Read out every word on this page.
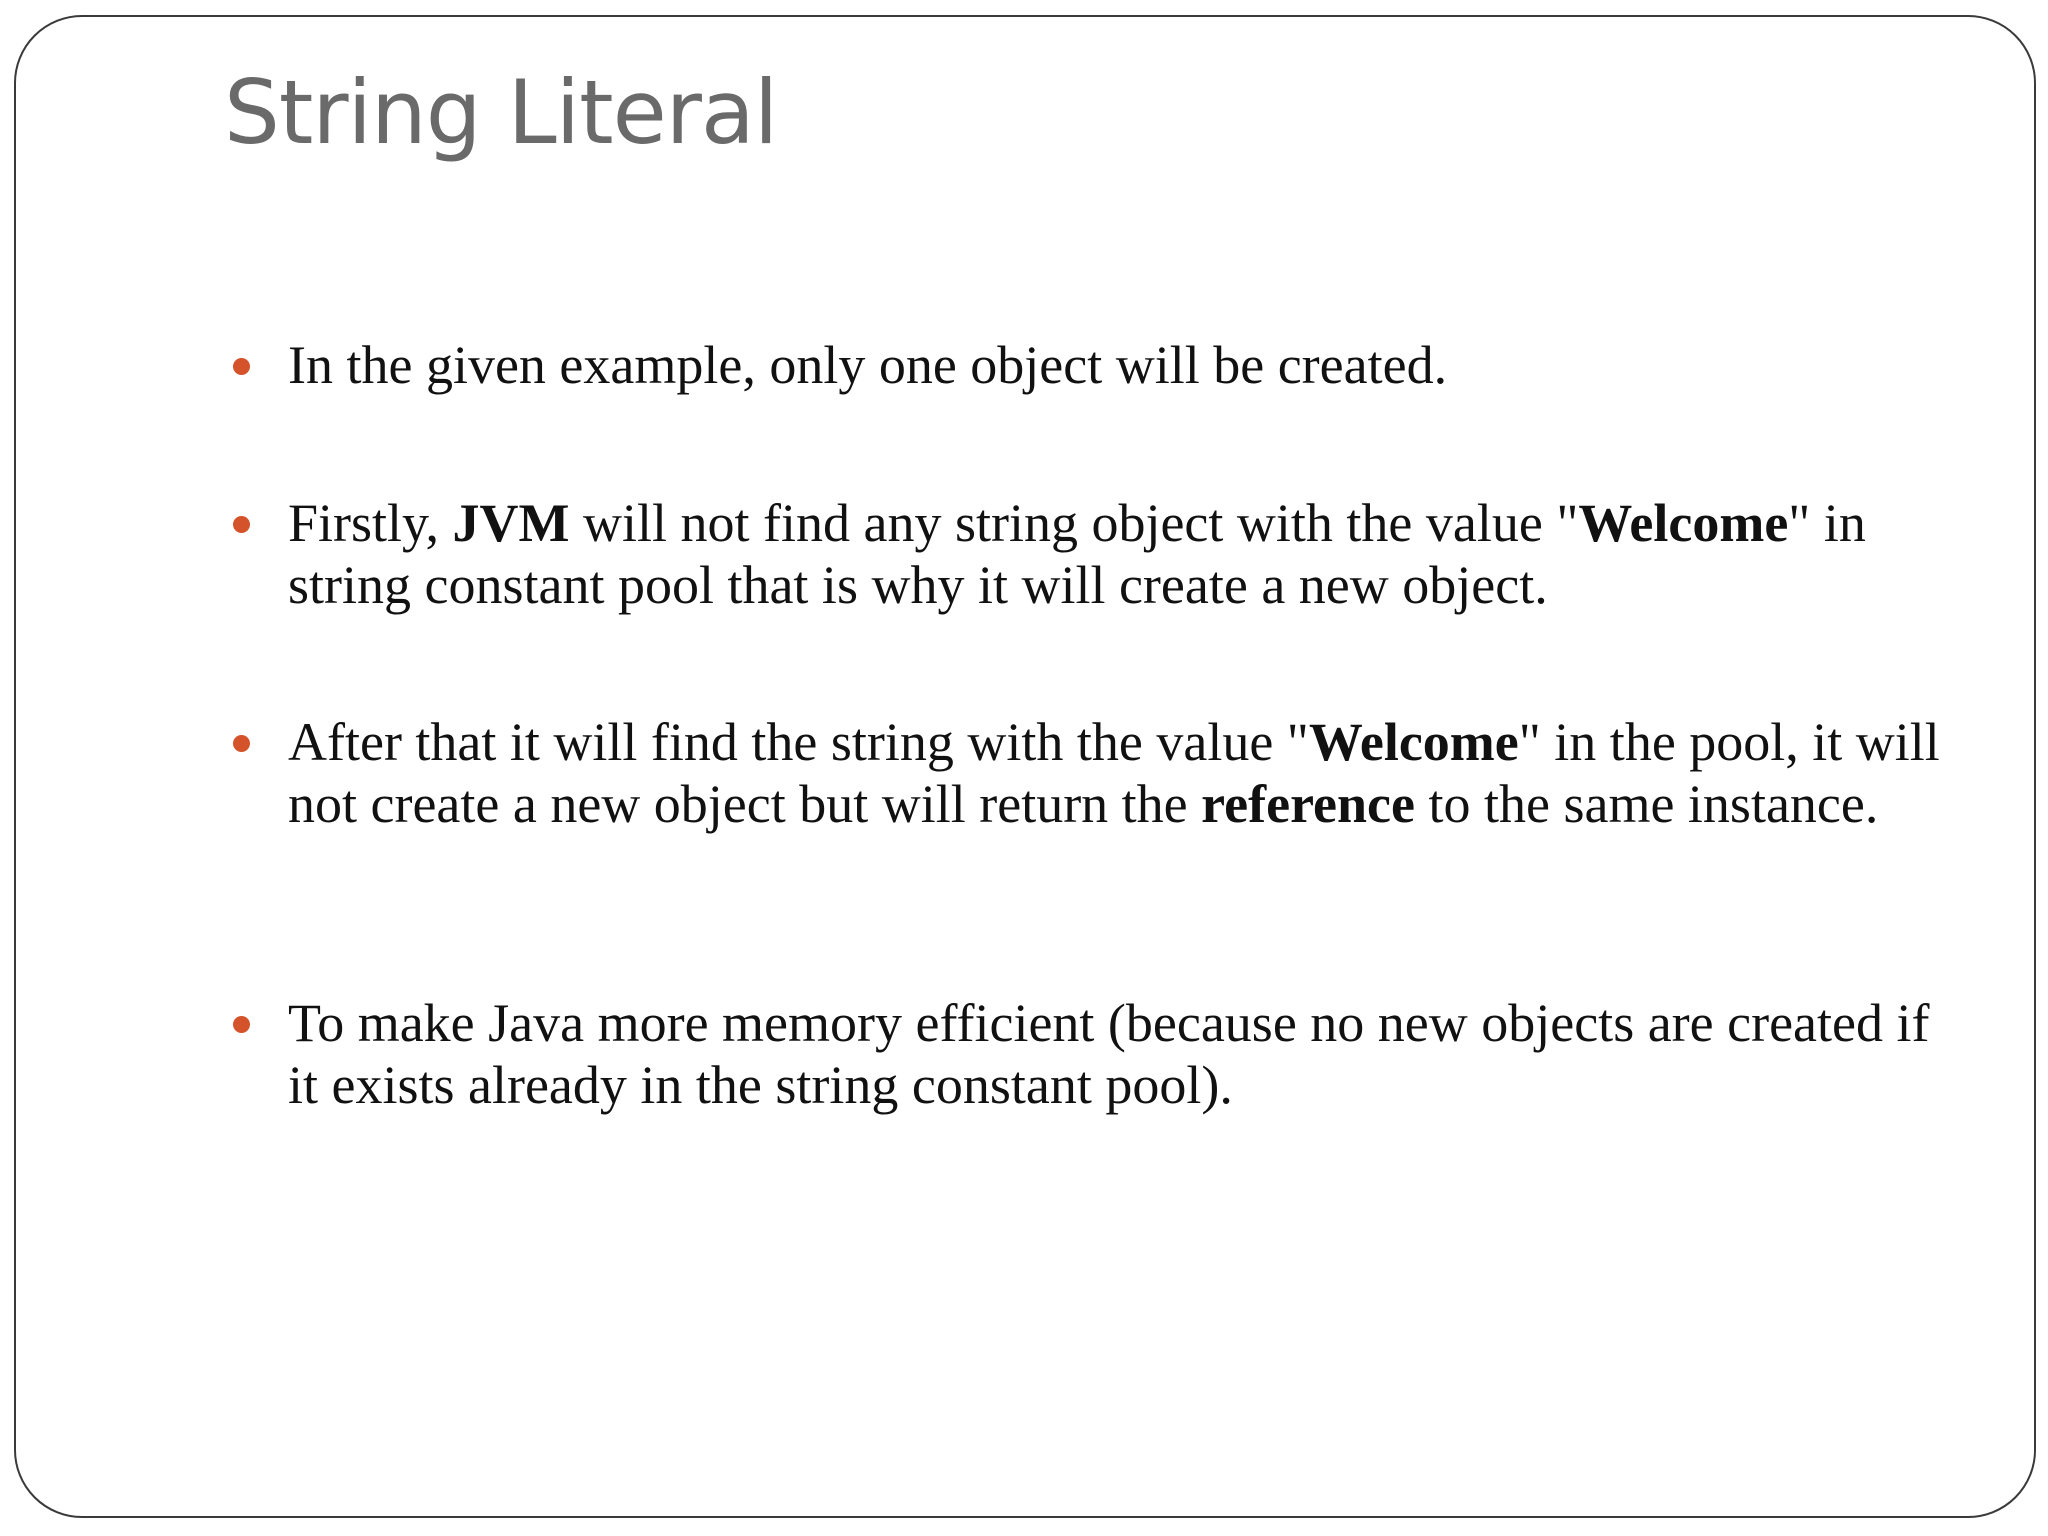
String Literal
In the given example, only one object will be created.
Firstly, JVM will not find any string object with the value "Welcome" in string constant pool that is why it will create a new object.
After that it will find the string with the value "Welcome" in the pool, it will not create a new object but will return the reference to the same instance.
To make Java more memory efficient (because no new objects are created if it exists already in the string constant pool).
